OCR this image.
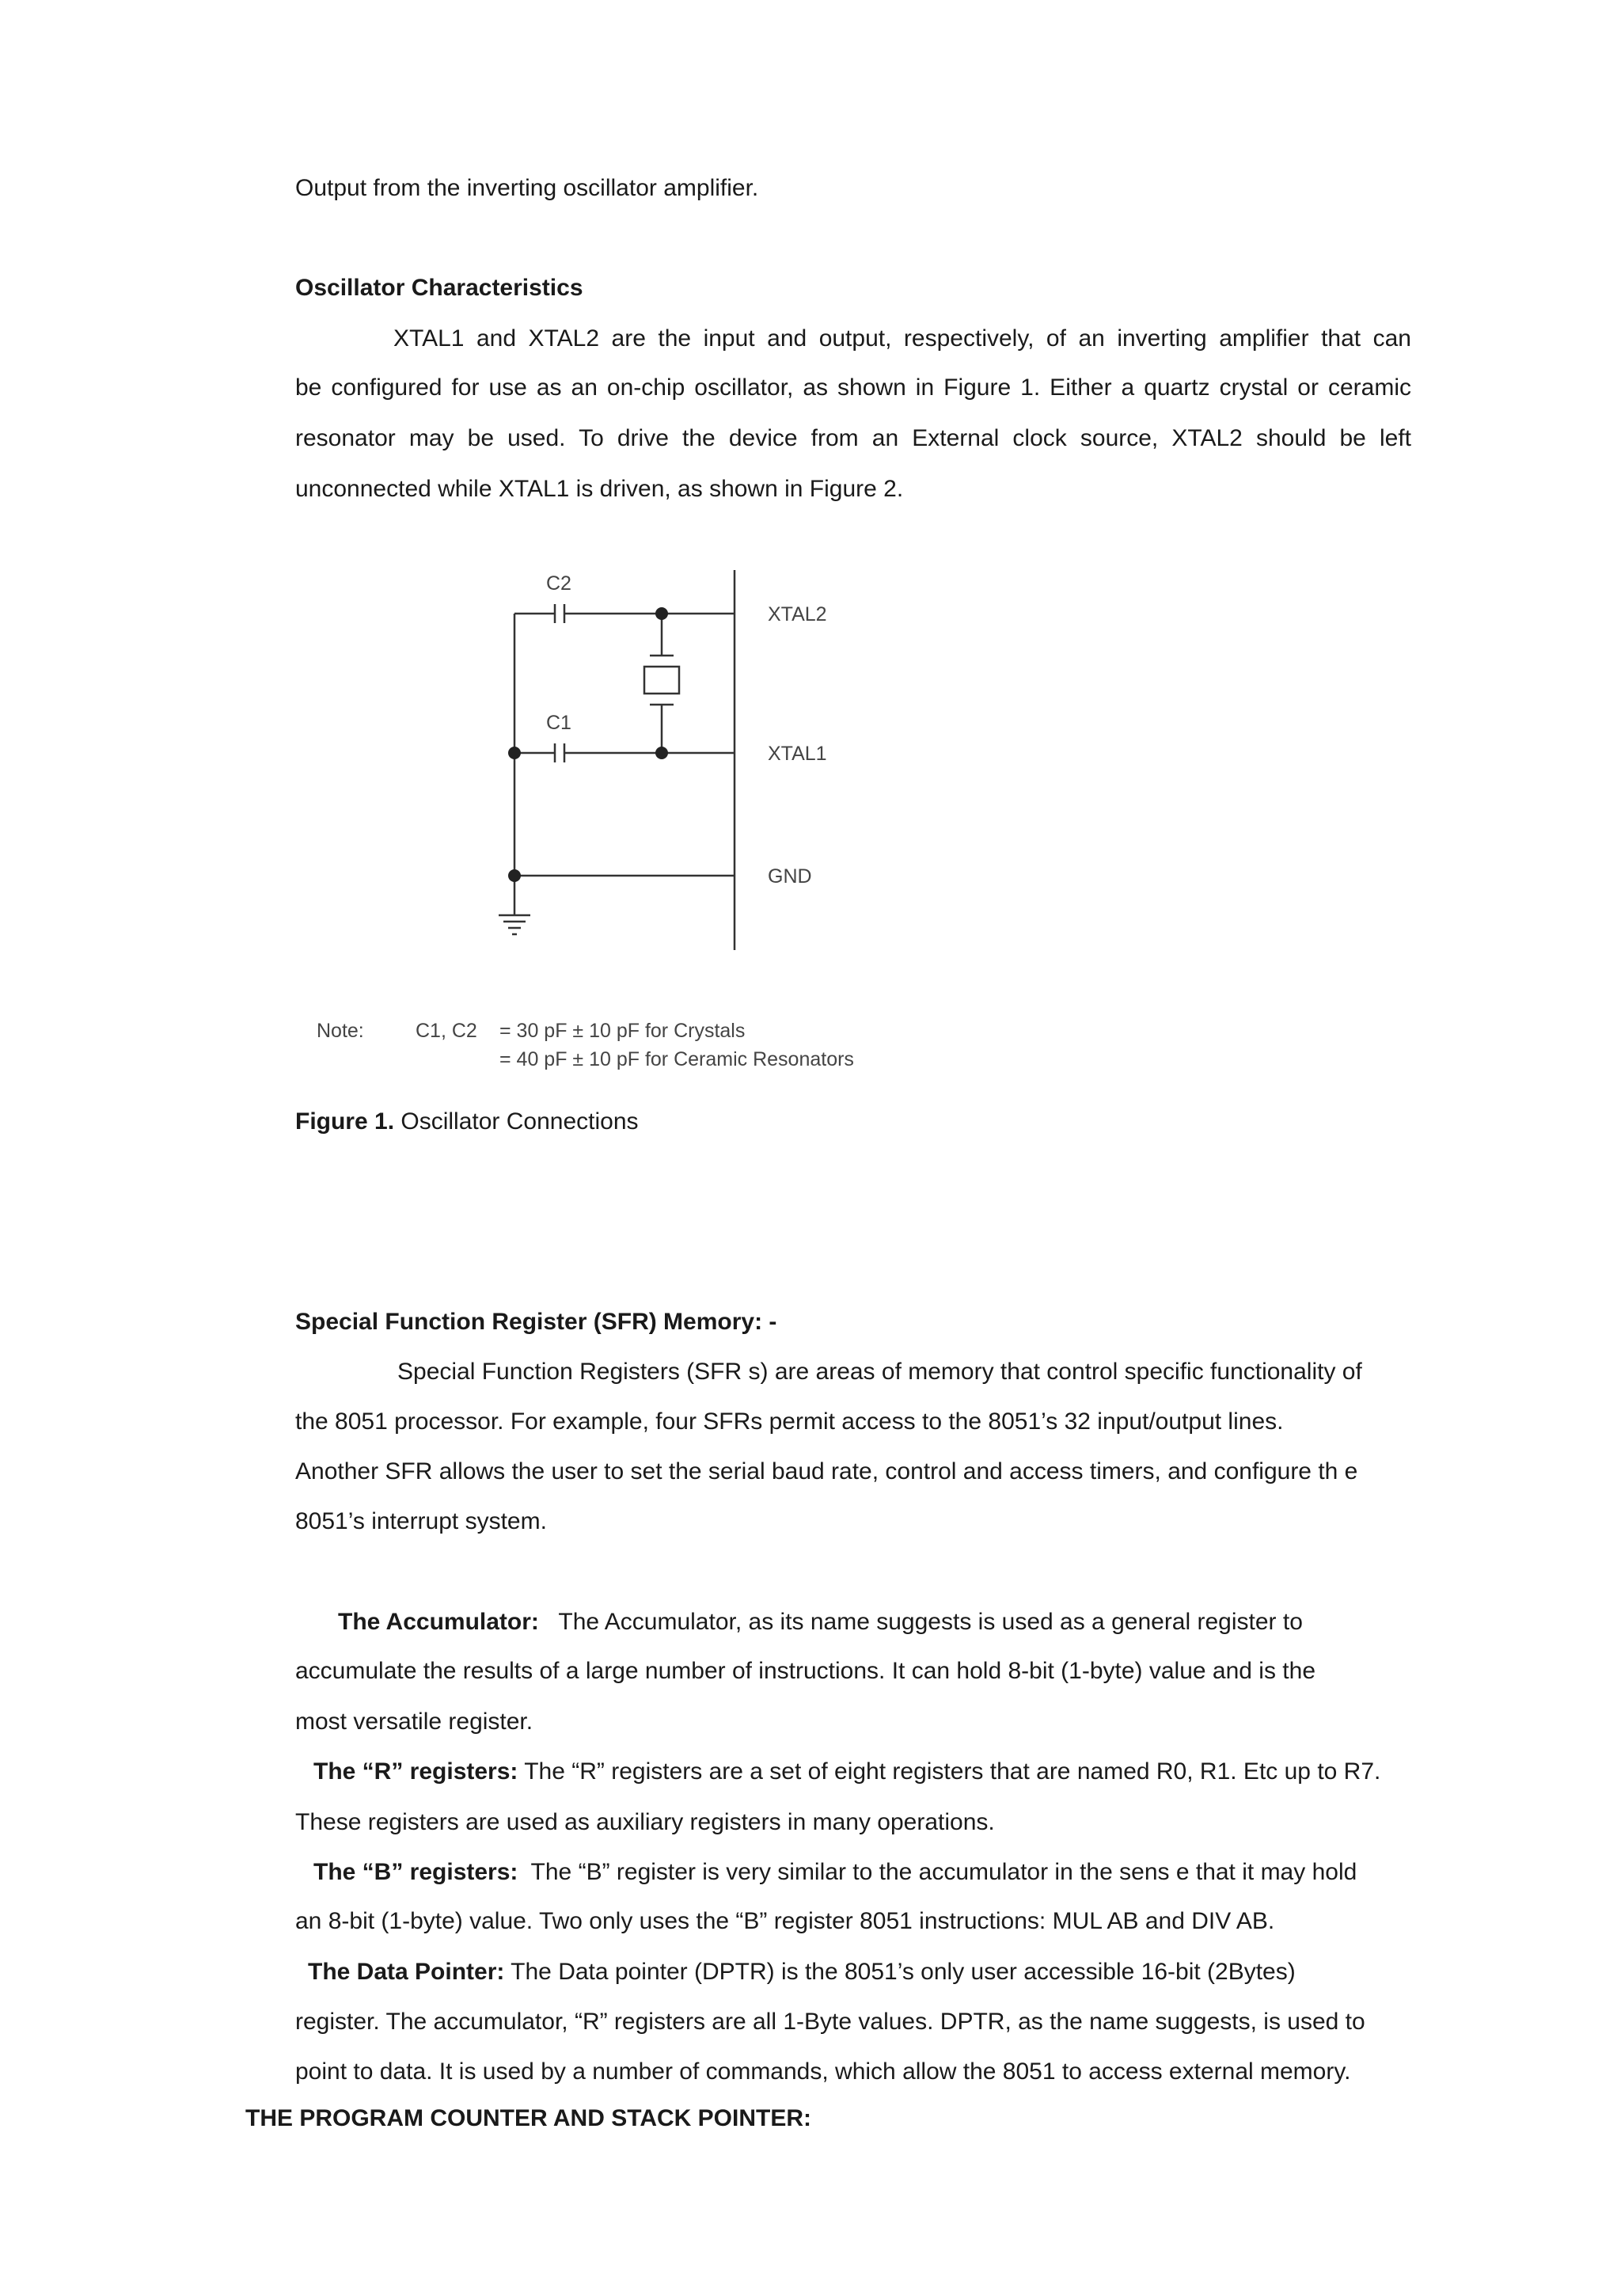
Output from the inverting oscillator amplifier.
Oscillator Characteristics
XTAL1 and XTAL2 are the input and output, respectively, of an inverting amplifier that can
be configured for use as an on-chip oscillator, as shown in Figure 1. Either a quartz crystal or ceramic
resonator may be used. To drive the device from an External clock source, XTAL2 should be left
unconnected while XTAL1 is driven, as shown in Figure 2.
C2
C1
XTAL2
XTAL1
GND
Note:	C1, C2 = 30 pF ± 10 pF for Crystals
= 40 pF ± 10 pF for Ceramic Resonators
Figure 1. Oscillator Connections
Special Function Register (SFR) Memory: -
Special Function Registers (SFR s) are areas of memory that control specific functionality of
the 8051 processor. For example, four SFRs permit access to the 8051’s 32 input/output lines.
Another SFR allows the user to set the serial baud rate, control and access timers, and configure th e
8051’s interrupt system.
The Accumulator: The Accumulator, as its name suggests is used as a general register to
accumulate the results of a large number of instructions. It can hold 8-bit (1-byte) value and is the
most versatile register.
The “R” registers: The “R” registers are a set of eight registers that are named R0, R1. Etc up to R7.
These registers are used as auxiliary registers in many operations.
The “B” registers: The “B” register is very similar to the accumulator in the sens e that it may hold
an 8-bit (1-byte) value. Two only uses the “B” register 8051 instructions: MUL AB and DIV AB.
The Data Pointer: The Data pointer (DPTR) is the 8051’s only user accessible 16-bit (2Bytes)
register. The accumulator, “R” registers are all 1-Byte values. DPTR, as the name suggests, is used to
point to data. It is used by a number of commands, which allow the 8051 to access external memory.
THE PROGRAM COUNTER AND STACK POINTER:
